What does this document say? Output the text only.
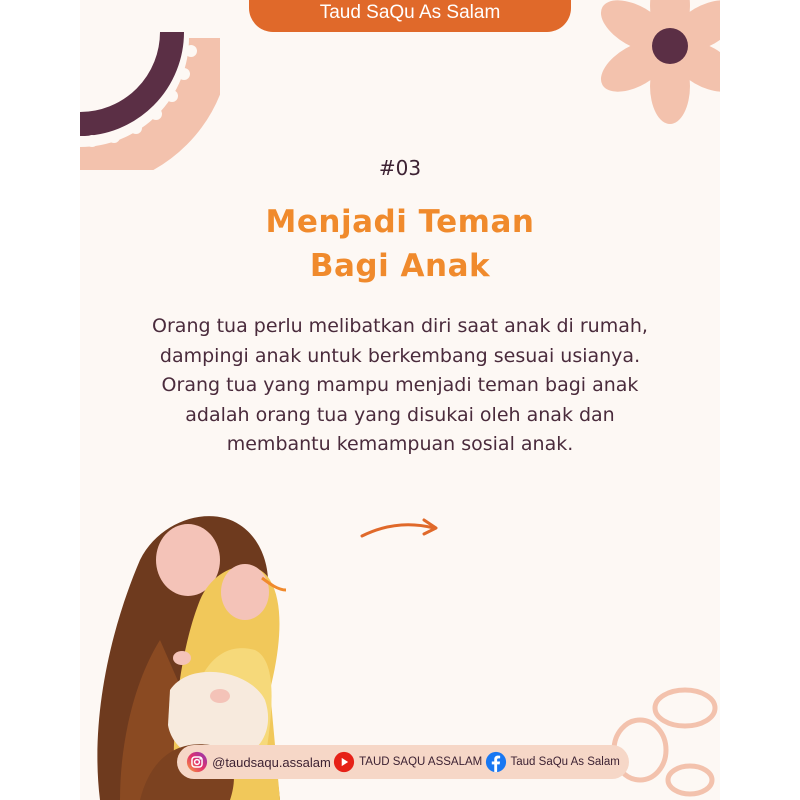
Taud SaQu As Salam
#03
Menjadi Teman
Bagi Anak
Orang tua perlu melibatkan diri saat anak di rumah, dampingi anak untuk berkembang sesuai usianya. Orang tua yang mampu menjadi teman bagi anak adalah orang tua yang disukai oleh anak dan membantu kemampuan sosial anak.
@taudsaqu.assalam TAUD SAQU ASSALAM Taud SaQu As Salam
